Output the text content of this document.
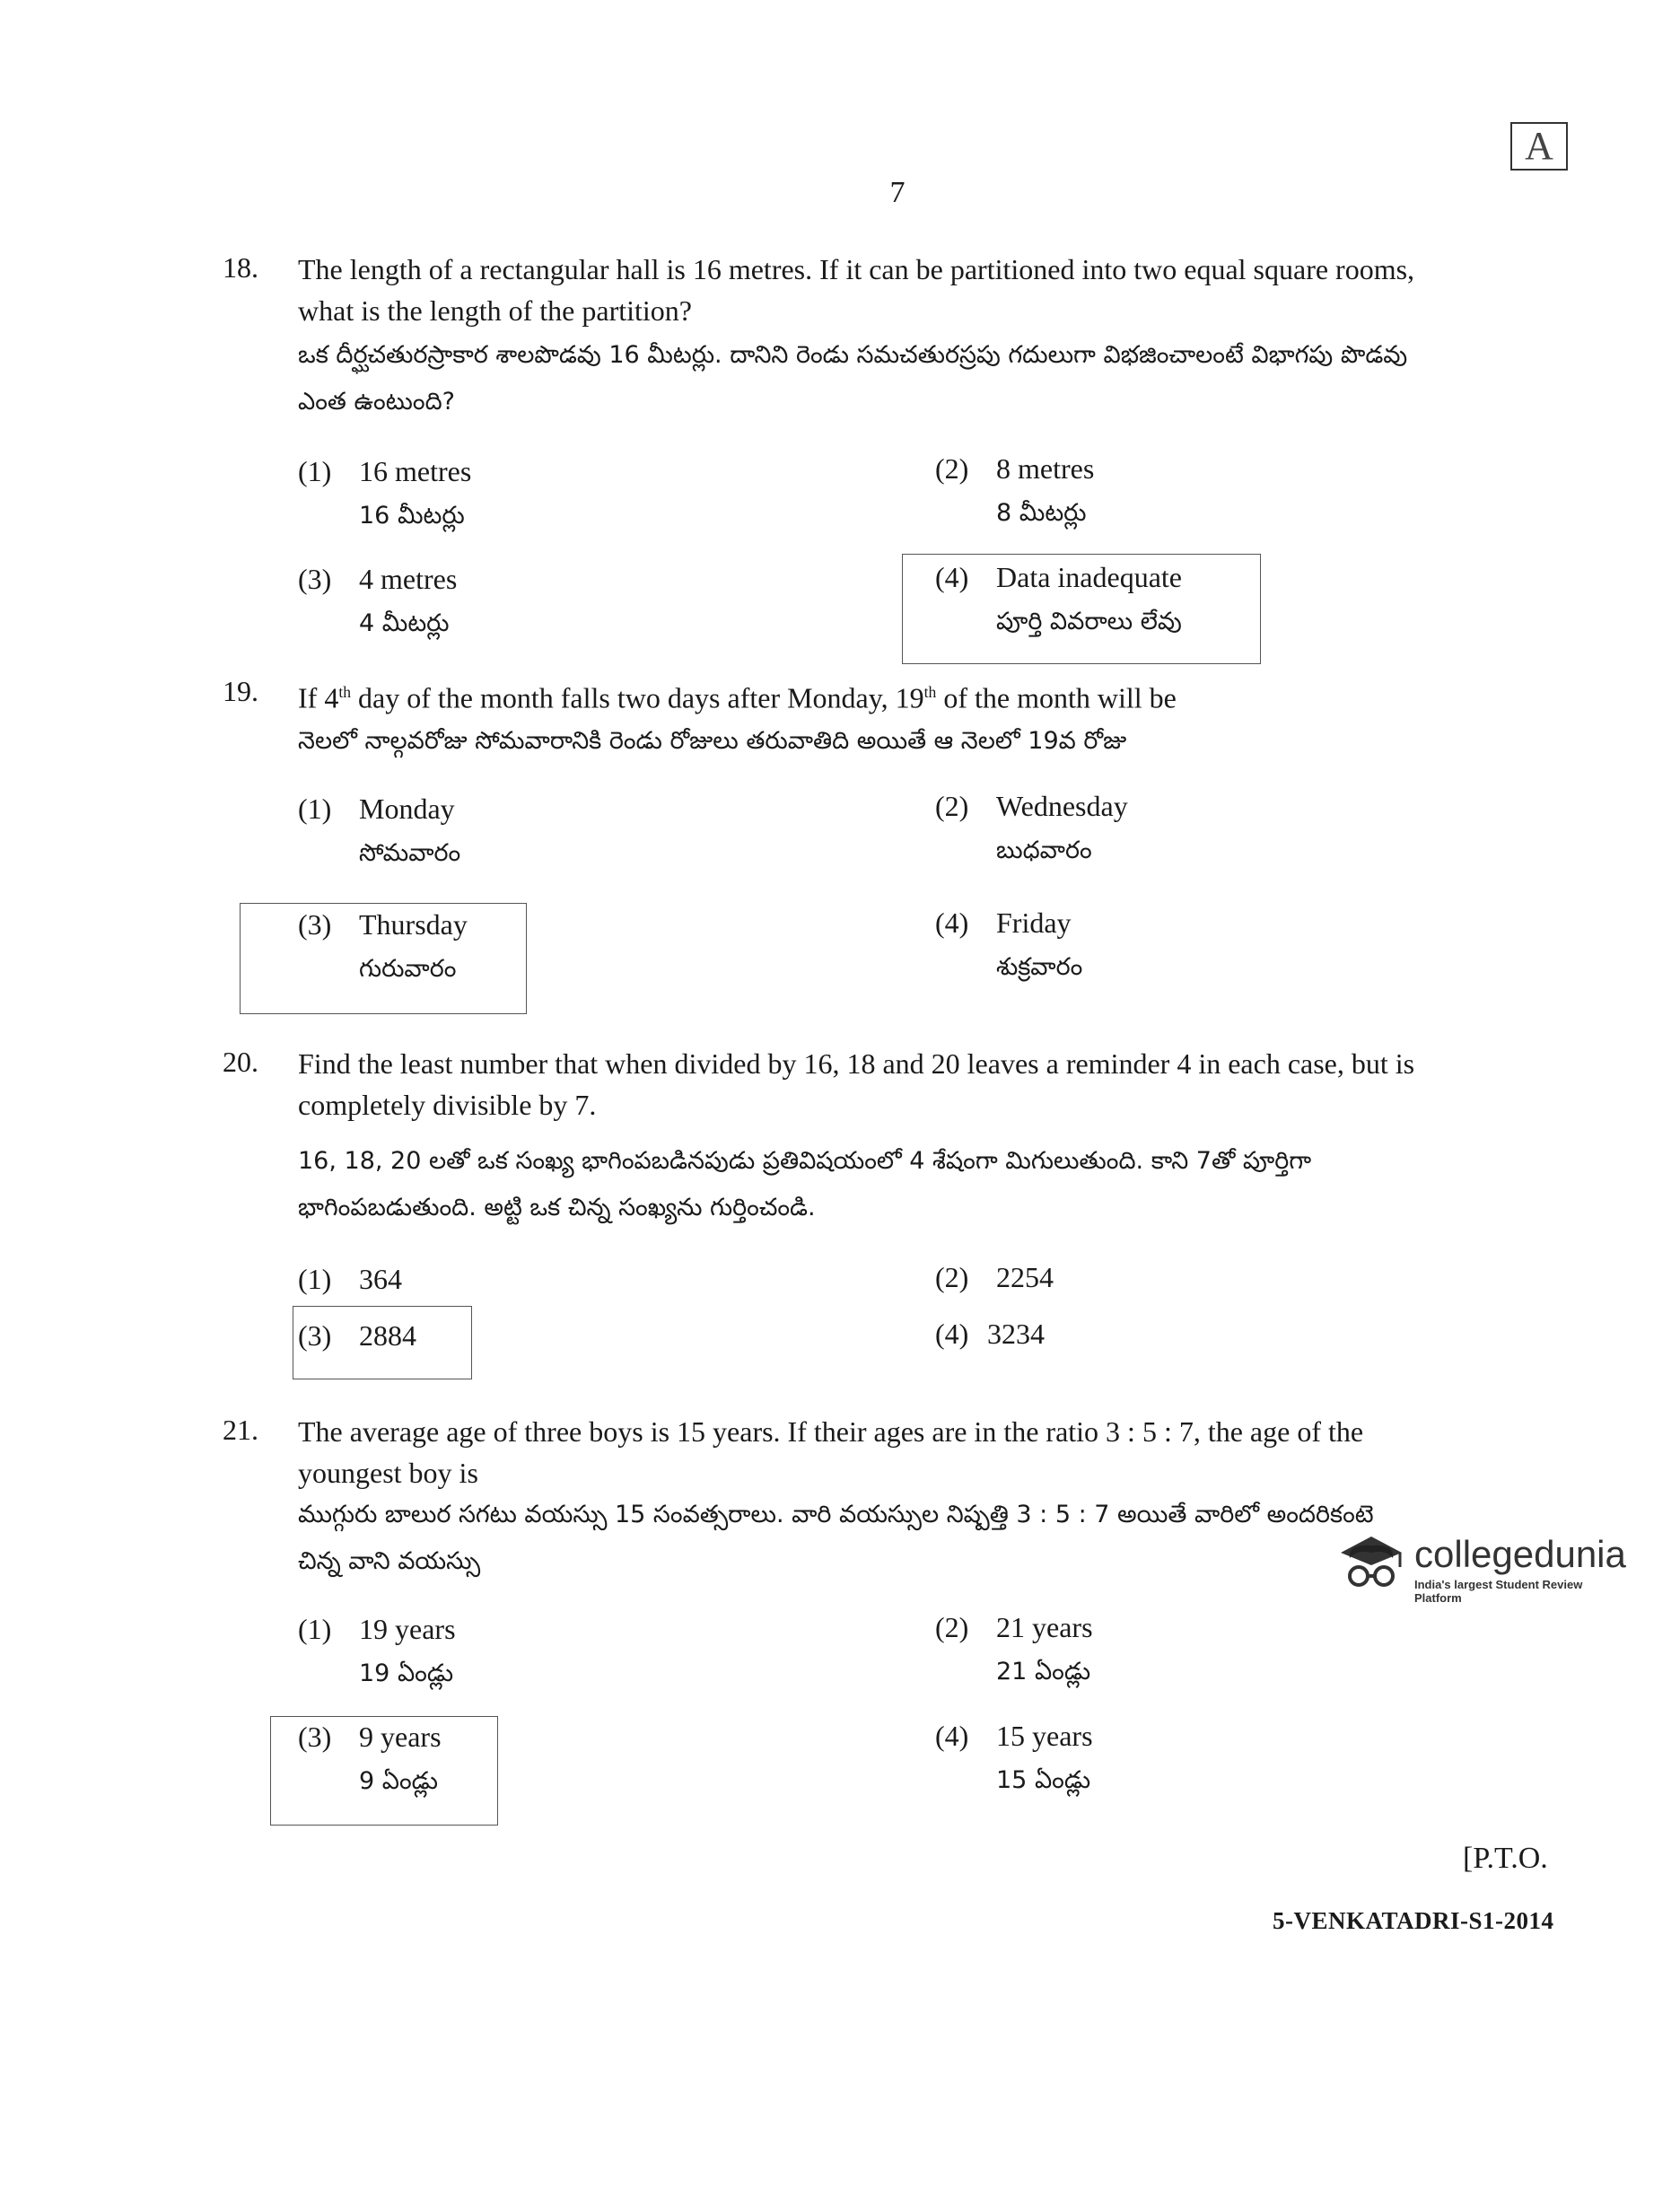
A
7
18. The length of a rectangular hall is 16 metres. If it can be partitioned into two equal square rooms,
what is the length of the partition?
ఒక దీర్ఘచతురస్రాకార శాలపొడవు 16 మీటర్లు. దానిని రెండు సమచతురస్రపు గదులుగా విభజించాలంటే విభాగపు పొడవు
ఎంత ఉంటుంది?
(1) 16 metres
16 మీటర్లు
(2) 8 metres
8 మీటర్లు
(3) 4 metres
4 మీటర్లు
(4) Data inadequate
పూర్తి వివరాలు లేవు
19. If 4th day of the month falls two days after Monday, 19th of the month will be
నెలలో నాల్గవరోజు సోమవారానికి రెండు రోజులు తరువాతిది అయితే ఆ నెలలో 19వ రోజు
(1) Monday
సోమవారం
(2) Wednesday
బుధవారం
(3) Thursday
గురువారం
(4) Friday
శుక్రవారం
20. Find the least number that when divided by 16, 18 and 20 leaves a reminder 4 in each case, but is
completely divisible by 7.
16, 18, 20 లతో ఒక సంఖ్య భాగింపబడినపుడు ప్రతివిషయంలో 4 శేషంగా మిగులుతుంది. కాని 7తో పూర్తిగా
భాగింపబడుతుంది. అట్టి ఒక చిన్న సంఖ్యను గుర్తించండి.
(1) 364	(2) 2254
(3) 2884	(4) 3234
21. The average age of three boys is 15 years. If their ages are in the ratio 3 : 5 : 7, the age of the
youngest boy is
ముగ్గురు బాలుర సగటు వయస్సు 15 సంవత్సరాలు. వారి వయస్సుల నిష్పత్తి 3 : 5 : 7 అయితే వారిలో అందరికంటె
చిన్న వాని వయస్సు
(1) 19 years
19 ఏండ్లు
(2) 21 years
21 ఏండ్లు
(3) 9 years
9 ఏండ్లు
(4) 15 years
15 ఏండ్లు
[P.T.O.
5-VENKATADRI-S1-2014
collegedunia
India's largest Student Review Platform
